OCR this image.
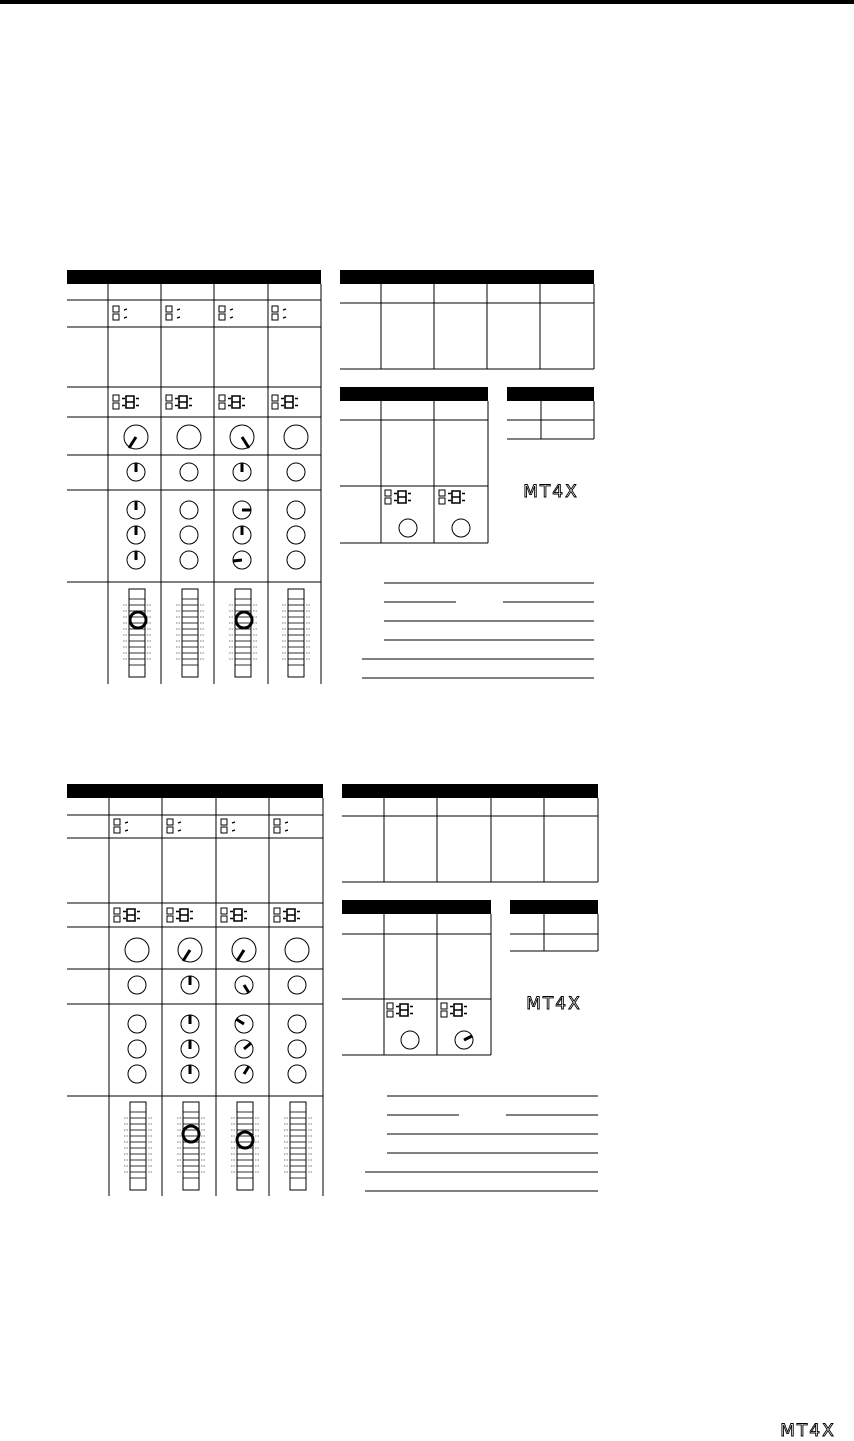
MT4X
MT4X
MT4X
